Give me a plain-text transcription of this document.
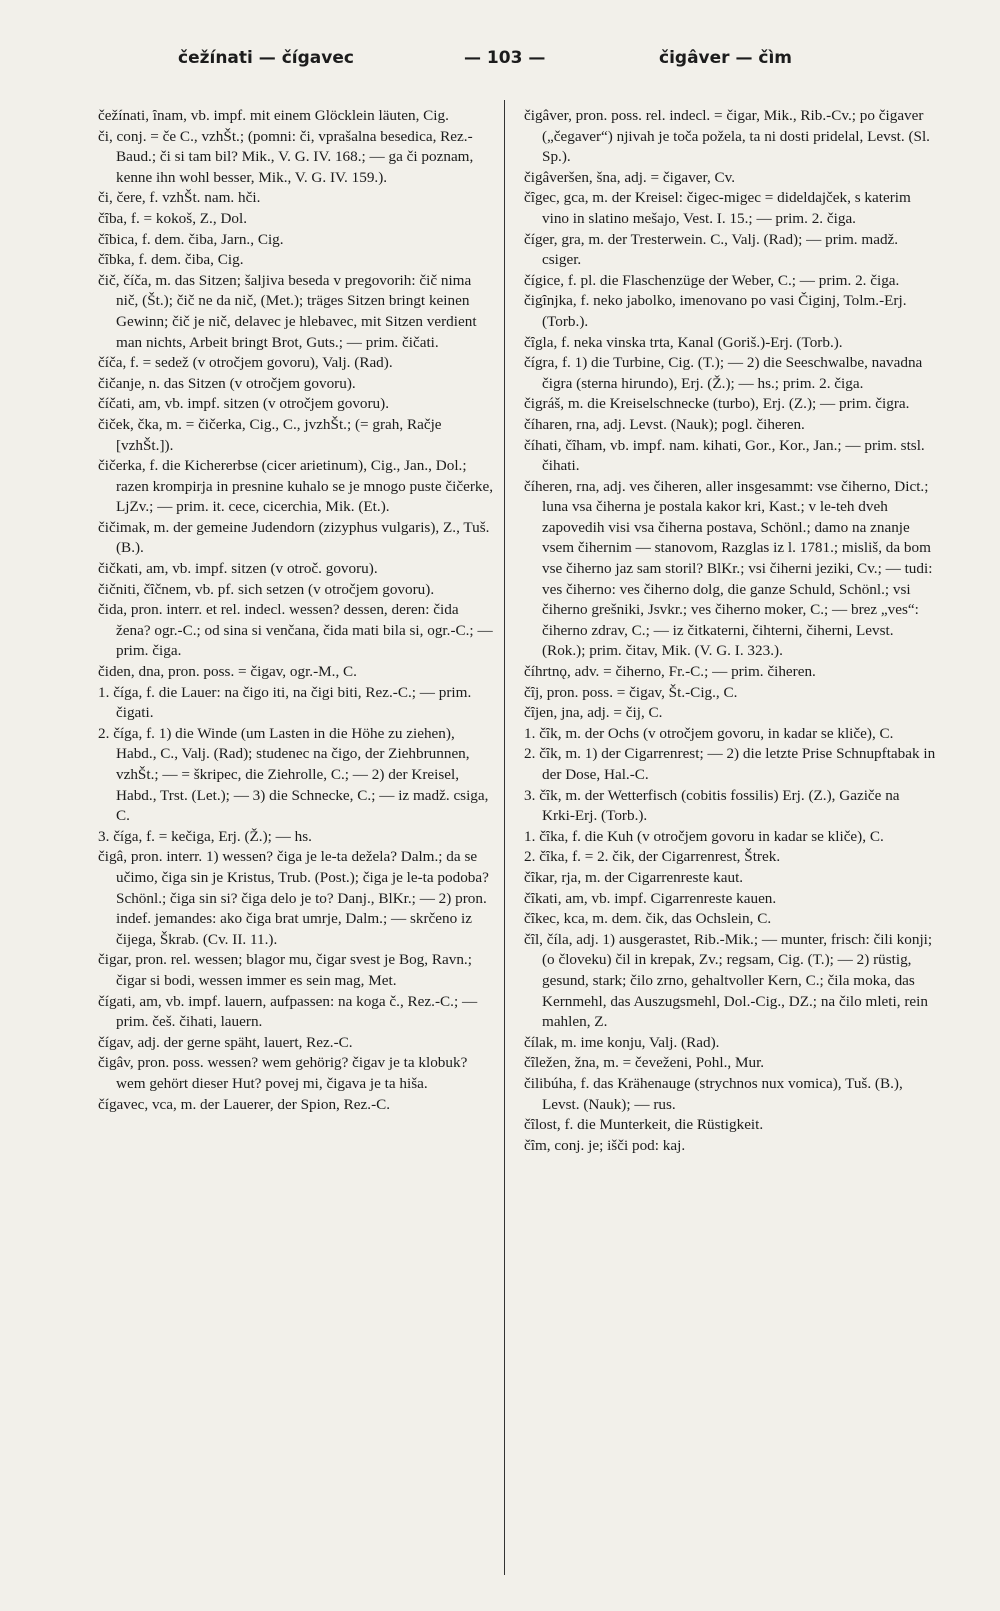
čežínati — čígavec	— 103 —	čigâver — čìm

čežínati, ȋnam, vb. impf. mit einem Glöcklein läuten, Cig.

či, conj. = če C., vzhŠt.; (pomni: či, vprašalna besedica, Rez.-Baud.; či si tam bil? Mik., V. G. IV. 168.; — ga či poznam, kenne ihn wohl besser, Mik., V. G. IV. 159.).

či, čere, f. vzhŠt. nam. hči.

čȋba, f. = kokoš, Z., Dol.

čȋbica, f. dem. čiba, Jarn., Cig.

čȋbka, f. dem. čiba, Cig.

čič, číča, m. das Sitzen; šaljiva beseda v pregovorih: čič nima nič, (Št.); čič ne da nič, (Met.); träges Sitzen bringt keinen Gewinn; čič je nič, delavec je hlebavec, mit Sitzen verdient man nichts, Arbeit bringt Brot, Guts.; — prim. čičati.

číča, f. = sedež (v otročjem govoru), Valj. (Rad).

čičanje, n. das Sitzen (v otročjem govoru).

číčati, am, vb. impf. sitzen (v otročjem govoru).

čiček, čka, m. = čičerka, Cig., C., jvzhŠt.; (= grah, Račje [vzhŠt.]).

čičerka, f. die Kichererbse (cicer arietinum), Cig., Jan., Dol.; razen krompirja in presnine kuhalo se je mnogo puste čičerke, LjZv.; — prim. it. cece, cicerchia, Mik. (Et.).

čičimak, m. der gemeine Judendorn (zizyphus vulgaris), Z., Tuš. (B.).

čičkati, am, vb. impf. sitzen (v otroč. govoru).

čičniti, čȋčnem, vb. pf. sich setzen (v otročjem govoru).

čida, pron. interr. et rel. indecl. wessen? dessen, deren: čida žena? ogr.-C.; od sina si venčana, čida mati bila si, ogr.-C.; — prim. čiga.

čiden, dna, pron. poss. = čigav, ogr.-M., C.

1. číga, f. die Lauer: na čigo iti, na čigi biti, Rez.-C.; — prim. čigati.

2. číga, f. 1) die Winde (um Lasten in die Höhe zu ziehen), Habd., C., Valj. (Rad); studenec na čigo, der Ziehbrunnen, vzhŠt.; — = škripec, die Ziehrolle, C.; — 2) der Kreisel, Habd., Trst. (Let.); — 3) die Schnecke, C.; — iz madž. csiga, C.

3. číga, f. = kečiga, Erj. (Ž.); — hs.

čigâ, pron. interr. 1) wessen? čiga je le-ta dežela? Dalm.; da se učimo, čiga sin je Kristus, Trub. (Post.); čiga je le-ta podoba? Schönl.; čiga sin si? čiga delo je to? Danj., BlKr.; — 2) pron. indef. jemandes: ako čiga brat umrje, Dalm.; — skrčeno iz čijega, Škrab. (Cv. II. 11.).

čigar, pron. rel. wessen; blagor mu, čigar svest je Bog, Ravn.; čigar si bodi, wessen immer es sein mag, Met.

čígati, am, vb. impf. lauern, aufpassen: na koga č., Rez.-C.; — prim. češ. čihati, lauern.

čígav, adj. der gerne späht, lauert, Rez.-C.

čigâv, pron. poss. wessen? wem gehörig? čigav je ta klobuk? wem gehört dieser Hut? povej mi, čigava je ta hiša.

čígavec, vca, m. der Lauerer, der Spion, Rez.-C.

čigâver, pron. poss. rel. indecl. = čigar, Mik., Rib.-Cv.; po čigaver („čegaver“) njivah je toča požela, ta ni dosti pridelal, Levst. (Sl. Sp.).

čigâveršen, šna, adj. = čigaver, Cv.

čȋgec, gca, m. der Kreisel: čigec-migec = dideldajček, s katerim vino in slatino mešajo, Vest. I. 15.; — prim. 2. čiga.

číger, gra, m. der Tresterwein. C., Valj. (Rad); — prim. madž. csiger.

čígice, f. pl. die Flaschenzüge der Weber, C.; — prim. 2. čiga.

čigȋnjka, f. neko jabolko, imenovano po vasi Čiginj, Tolm.-Erj. (Torb.).

čȋgla, f. neka vinska trta, Kanal (Goriš.)-Erj. (Torb.).

čígra, f. 1) die Turbine, Cig. (T.); — 2) die Seeschwalbe, navadna čigra (sterna hirundo), Erj. (Ž.); — hs.; prim. 2. čiga.

čigráš, m. die Kreiselschnecke (turbo), Erj. (Z.); — prim. čigra.

číharen, rna, adj. Levst. (Nauk); pogl. čiheren.

číhati, čȋham, vb. impf. nam. kihati, Gor., Kor., Jan.; — prim. stsl. čihati.

číheren, rna, adj. ves čiheren, aller insgesammt: vse čiherno, Dict.; luna vsa čiherna je postala kakor kri, Kast.; v le-teh dveh zapovedih visi vsa čiherna postava, Schönl.; damo na znanje vsem čihernim — stanovom, Razglas iz l. 1781.; misliš, da bom vse čiherno jaz sam storil? BlKr.; vsi čiherni jeziki, Cv.; — tudi: ves čiherno: ves čiherno dolg, die ganze Schuld, Schönl.; vsi čiherno grešniki, Jsvkr.; ves čiherno moker, C.; — brez „ves“: čiherno zdrav, C.; — iz čitkaterni, čihterni, čiherni, Levst. (Rok.); prim. čitav, Mik. (V. G. I. 323.).

číhrtnǫ, adv. = čiherno, Fr.-C.; — prim. čiheren.

čȋj, pron. poss. = čigav, Št.-Cig., C.

čȋjen, jna, adj. = čij, C.

1. čȋk, m. der Ochs (v otročjem govoru, in kadar se kliče), C.

2. čȋk, m. 1) der Cigarrenrest; — 2) die letzte Prise Schnupftabak in der Dose, Hal.-C.

3. čȋk, m. der Wetterfisch (cobitis fossilis) Erj. (Z.), Gaziče na Krki-Erj. (Torb.).

1. čȋka, f. die Kuh (v otročjem govoru in kadar se kliče), C.

2. čȋka, f. = 2. čik, der Cigarrenrest, Štrek.

čȋkar, rja, m. der Cigarrenreste kaut.

čȋkati, am, vb. impf. Cigarrenreste kauen.

čȋkec, kca, m. dem. čik, das Ochslein, C.

čȋl, číla, adj. 1) ausgerastet, Rib.-Mik.; — munter, frisch: čili konji; (o človeku) čil in krepak, Zv.; regsam, Cig. (T.); — 2) rüstig, gesund, stark; čilo zrno, gehaltvoller Kern, C.; čila moka, das Kernmehl, das Auszugsmehl, Dol.-Cig., DZ.; na čilo mleti, rein mahlen, Z.

čílak, m. ime konju, Valj. (Rad).

čȋležen, žna, m. = čeveženi, Pohl., Mur.

čilibúha, f. das Krähenauge (strychnos nux vomica), Tuš. (B.), Levst. (Nauk); — rus.

čȋlost, f. die Munterkeit, die Rüstigkeit.

čȋm, conj. je; išči pod: kaj.
